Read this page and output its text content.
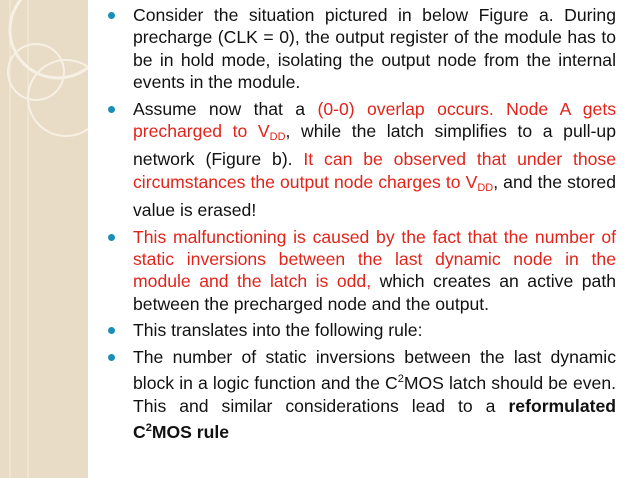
Consider the situation pictured in below Figure a. During precharge (CLK = 0), the output register of the module has to be in hold mode, isolating the output node from the internal events in the module.

Assume now that a (0-0) overlap occurs. Node A gets precharged to $V_{DD}$, while the latch simplifies to a pull-up network (Figure b). It can be observed that under those circumstances the output node charges to $V_{DD}$, and the stored value is erased!

This malfunctioning is caused by the fact that the number of static inversions between the last dynamic node in the module and the latch is odd, which creates an active path between the precharged node and the output.

This translates into the following rule:

The number of static inversions between the last dynamic block in a logic function and the $C^2MOS$ latch should be even. This and similar considerations lead to a reformulated $C^2MOS$ rule
